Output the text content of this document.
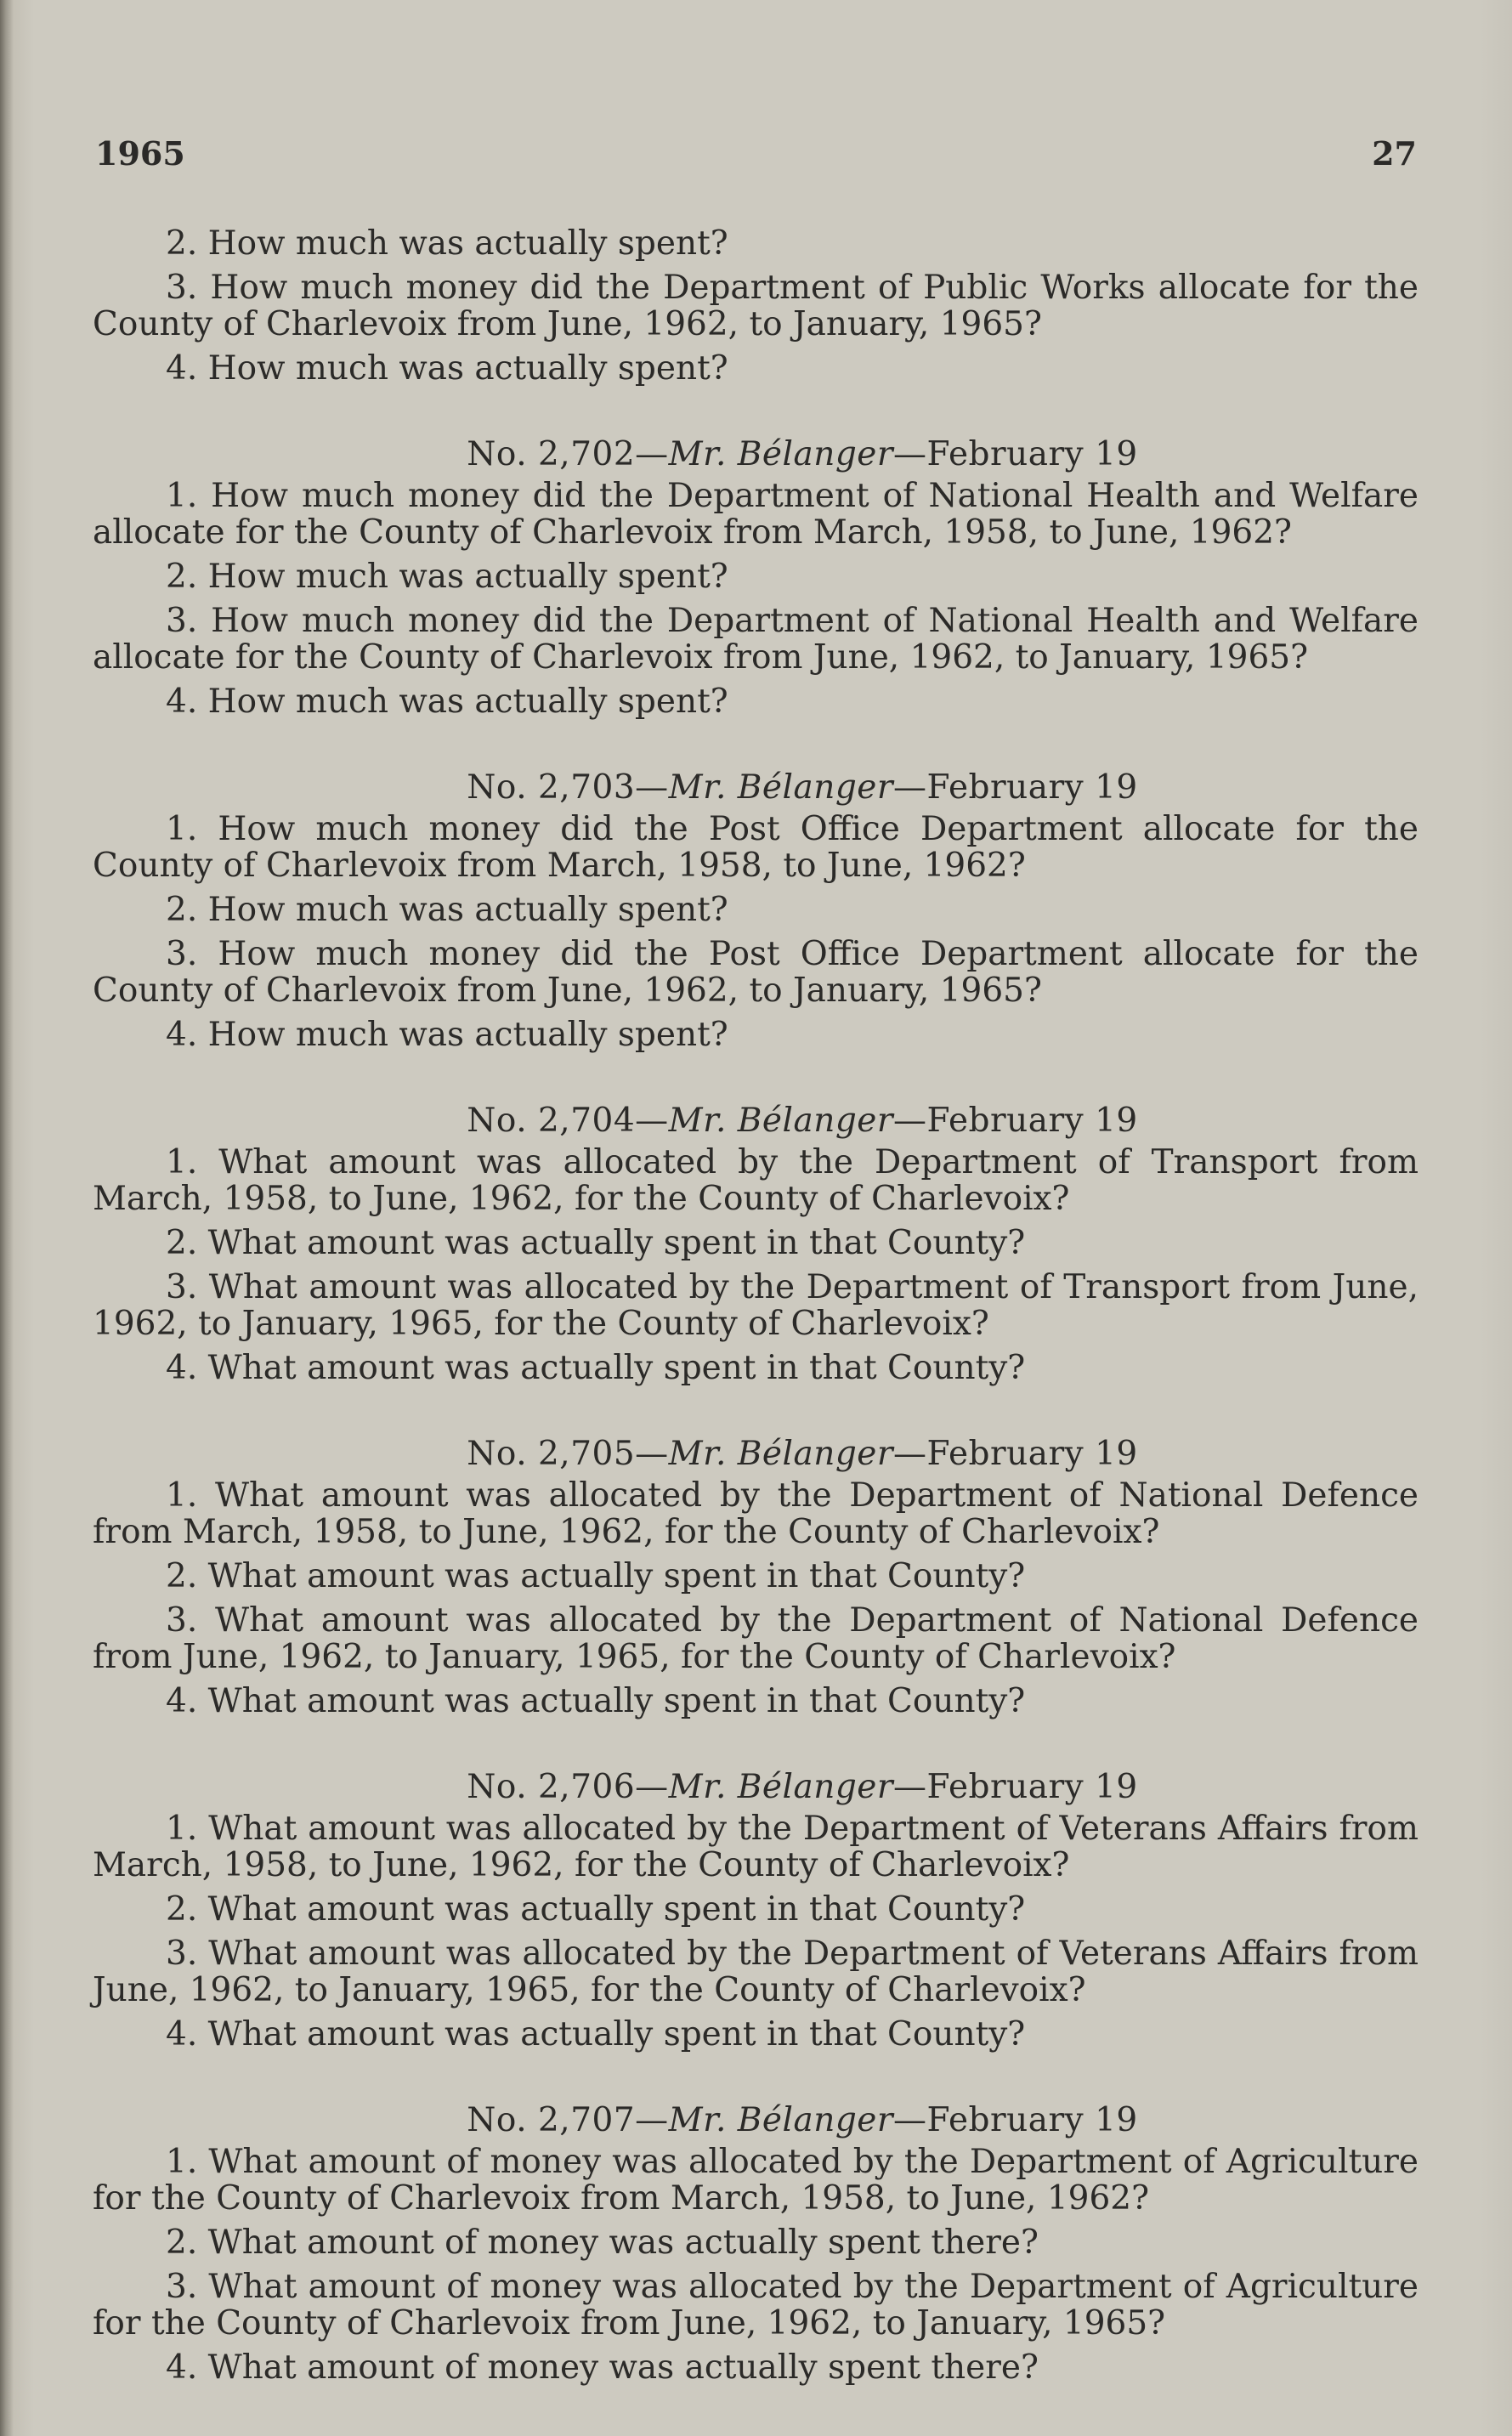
1965	27

2. How much was actually spent?

3. How much money did the Department of Public Works allocate for the County of Charlevoix from June, 1962, to January, 1965?

4. How much was actually spent?

No. 2,702—Mr. Bélanger—February 19

1. How much money did the Department of National Health and Welfare allocate for the County of Charlevoix from March, 1958, to June, 1962?

2. How much was actually spent?

3. How much money did the Department of National Health and Welfare allocate for the County of Charlevoix from June, 1962, to January, 1965?

4. How much was actually spent?

No. 2,703—Mr. Bélanger—February 19

1. How much money did the Post Office Department allocate for the County of Charlevoix from March, 1958, to June, 1962?

2. How much was actually spent?

3. How much money did the Post Office Department allocate for the County of Charlevoix from June, 1962, to January, 1965?

4. How much was actually spent?

No. 2,704—Mr. Bélanger—February 19

1. What amount was allocated by the Department of Transport from March, 1958, to June, 1962, for the County of Charlevoix?

2. What amount was actually spent in that County?

3. What amount was allocated by the Department of Transport from June, 1962, to January, 1965, for the County of Charlevoix?

4. What amount was actually spent in that County?

No. 2,705—Mr. Bélanger—February 19

1. What amount was allocated by the Department of National Defence from March, 1958, to June, 1962, for the County of Charlevoix?

2. What amount was actually spent in that County?

3. What amount was allocated by the Department of National Defence from June, 1962, to January, 1965, for the County of Charlevoix?

4. What amount was actually spent in that County?

No. 2,706—Mr. Bélanger—February 19

1. What amount was allocated by the Department of Veterans Affairs from March, 1958, to June, 1962, for the County of Charlevoix?

2. What amount was actually spent in that County?

3. What amount was allocated by the Department of Veterans Affairs from June, 1962, to January, 1965, for the County of Charlevoix?

4. What amount was actually spent in that County?

No. 2,707—Mr. Bélanger—February 19

1. What amount of money was allocated by the Department of Agriculture for the County of Charlevoix from March, 1958, to June, 1962?

2. What amount of money was actually spent there?

3. What amount of money was allocated by the Department of Agriculture for the County of Charlevoix from June, 1962, to January, 1965?

4. What amount of money was actually spent there?
